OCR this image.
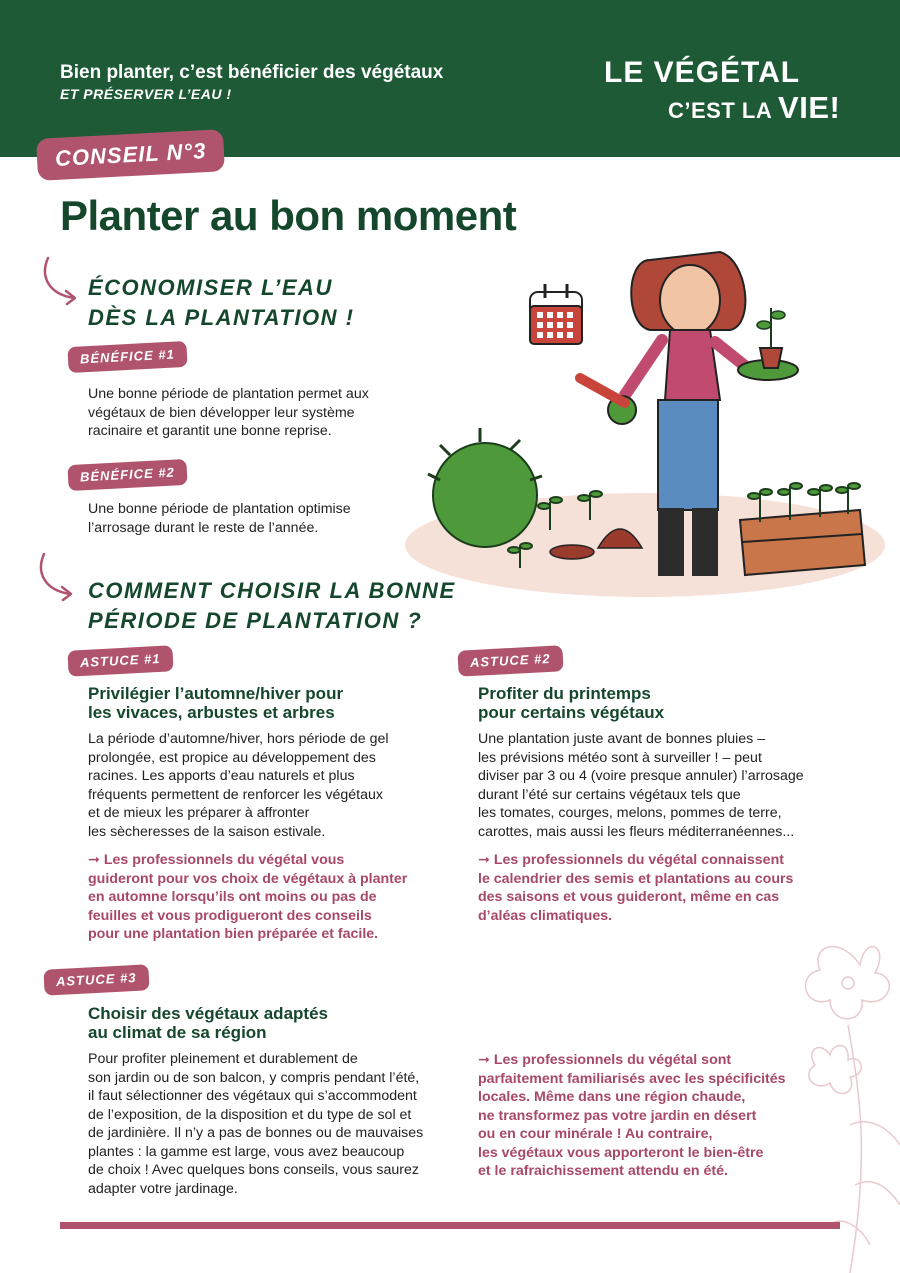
Bien planter, c’est bénéficier des végétaux
ET PRÉSERVER L’EAU !
LE VÉGÉTAL
C’EST LA VIE!
CONSEIL N°3
Planter au bon moment
ÉCONOMISER L’EAU
DÈS LA PLANTATION !
BÉNÉFICE #1
Une bonne période de plantation permet aux
végétaux de bien développer leur système
racinaire et garantit une bonne reprise.
BÉNÉFICE #2
Une bonne période de plantation optimise
l’arrosage durant le reste de l’année.
COMMENT CHOISIR LA BONNE
PÉRIODE DE PLANTATION ?
ASTUCE #1
Privilégier l’automne/hiver pour
les vivaces, arbustes et arbres
La période d’automne/hiver, hors période de gel
prolongée, est propice au développement des
racines. Les apports d’eau naturels et plus
fréquents permettent de renforcer les végétaux
et de mieux les préparer à affronter
les sècheresses de la saison estivale.
➞ Les professionnels du végétal vous
guideront pour vos choix de végétaux à planter
en automne lorsqu’ils ont moins ou pas de
feuilles et vous prodigueront des conseils
pour une plantation bien préparée et facile.
ASTUCE #2
Profiter du printemps
pour certains végétaux
Une plantation juste avant de bonnes pluies –
les prévisions météo sont à surveiller ! – peut
diviser par 3 ou 4 (voire presque annuler) l’arrosage
durant l’été sur certains végétaux tels que
les tomates, courges, melons, pommes de terre,
carottes, mais aussi les fleurs méditerranéennes...
➞ Les professionnels du végétal connaissent
le calendrier des semis et plantations au cours
des saisons et vous guideront, même en cas
d’aléas climatiques.
ASTUCE #3
Choisir des végétaux adaptés
au climat de sa région
Pour profiter pleinement et durablement de
son jardin ou de son balcon, y compris pendant l’été,
il faut sélectionner des végétaux qui s’accommodent
de l’exposition, de la disposition et du type de sol et
de jardinière. Il n’y a pas de bonnes ou de mauvaises
plantes : la gamme est large, vous avez beaucoup
de choix ! Avec quelques bons conseils, vous saurez
adapter votre jardinage.
➞ Les professionnels du végétal sont
parfaitement familiarisés avec les spécificités
locales. Même dans une région chaude,
ne transformez pas votre jardin en désert
ou en cour minérale ! Au contraire,
les végétaux vous apporteront le bien-être
et le rafraichissement attendu en été.
